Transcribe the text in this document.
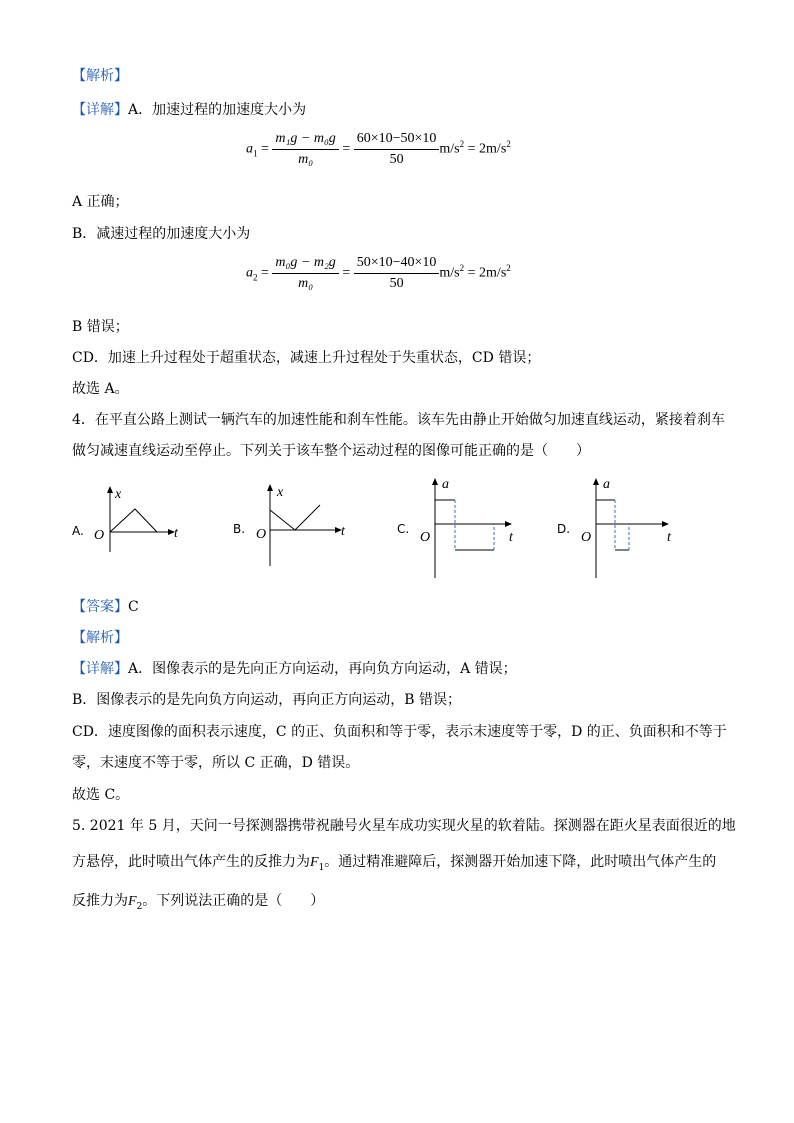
【解析】
【详解】A．加速过程的加速度大小为
$a_1 = \frac{\text{m₁g − m₀g}}{\text{m₀}} = \frac{60\times 10-50\times 10}{50} m/s^2 = 2m/s^2$
A 正确；
B．减速过程的加速度大小为
$a_2 = \frac{\text{m₀g − m₂g}}{\text{m₀}} = \frac{50\times 10-40\times 10}{50} m/s^2 = 2m/s^2$
B 错误；
CD．加速上升过程处于超重状态，减速上升过程处于失重状态，CD 错误；
故选 A。
4．在平直公路上测试一辆汽车的加速性能和刹车性能。该车先由静止开始做匀加速直线运动，紧接着刹车
做匀减速直线运动至停止。下列关于该车整个运动过程的图像可能正确的是（　　）
A.
x
t
O	B.
x
t
O	C.
a
t
O
D.
a
t
O
【答案】C
【解析】
【详解】A．图像表示的是先向正方向运动，再向负方向运动，A 错误；
B．图像表示的是先向负方向运动，再向正方向运动，B 错误；
CD．速度图像的面积表示速度，C 的正、负面积和等于零，表示末速度等于零，D 的正、负面积和不等于
零，末速度不等于零，所以 C 正确，D 错误。
故选 C。
5. 2021 年 5 月，天问一号探测器携带祝融号火星车成功实现火星的软着陆。探测器在距火星表面很近的地
方悬停，此时喷出气体产生的反推力为$F_1$。通过精准避障后，探测器开始加速下降，此时喷出气体产生的
反推力为$F_2$。下列说法正确的是（　　）
